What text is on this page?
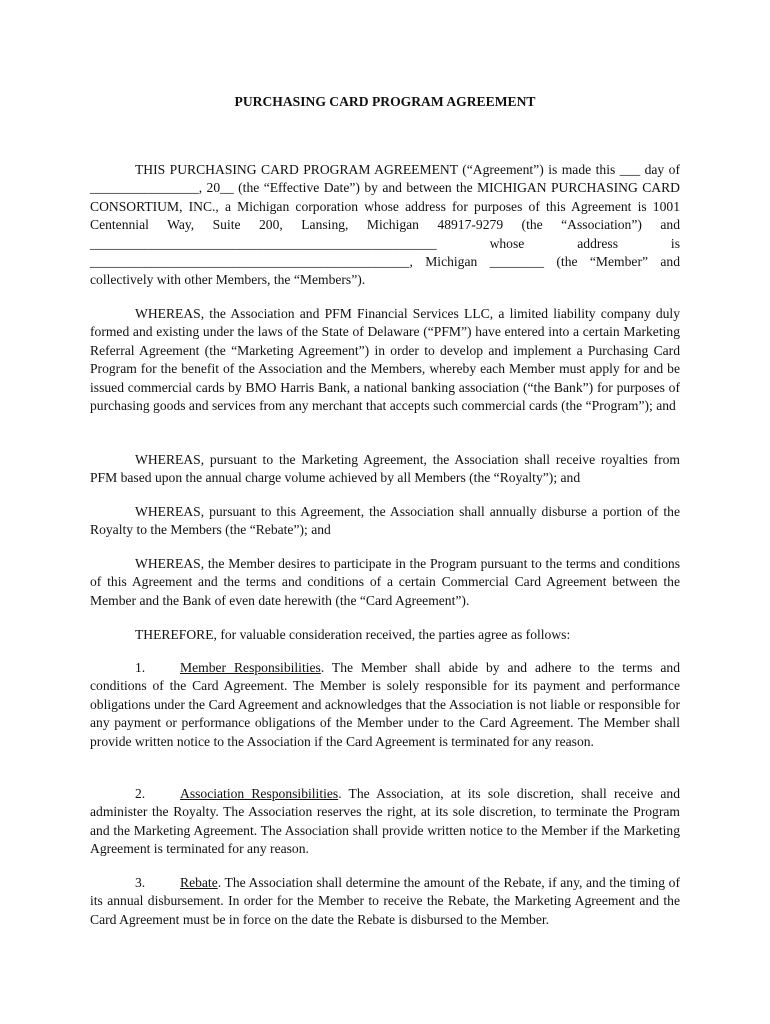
PURCHASING CARD PROGRAM AGREEMENT

THIS PURCHASING CARD PROGRAM AGREEMENT (“Agreement”) is made this ___ day of ________________, 20__ (the “Effective Date”) by and between the MICHIGAN PURCHASING CARD CONSORTIUM, INC., a Michigan corporation whose address for purposes of this Agreement is 1001 Centennial Way, Suite 200, Lansing, Michigan 48917-9279 (the “Association”) and ___________________________________________________ whose address is _______________________________________________, Michigan ________ (the “Member” and collectively with other Members, the “Members”).

WHEREAS, the Association and PFM Financial Services LLC, a limited liability company duly formed and existing under the laws of the State of Delaware (“PFM”) have entered into a certain Marketing Referral Agreement (the “Marketing Agreement”) in order to develop and implement a Purchasing Card Program for the benefit of the Association and the Members, whereby each Member must apply for and be issued commercial cards by BMO Harris Bank, a national banking association (“the Bank”) for purposes of purchasing goods and services from any merchant that accepts such commercial cards (the “Program”); and

WHEREAS, pursuant to the Marketing Agreement, the Association shall receive royalties from PFM based upon the annual charge volume achieved by all Members (the “Royalty”); and

WHEREAS, pursuant to this Agreement, the Association shall annually disburse a portion of the Royalty to the Members (the “Rebate”); and

WHEREAS, the Member desires to participate in the Program pursuant to the terms and conditions of this Agreement and the terms and conditions of a certain Commercial Card Agreement between the Member and the Bank of even date herewith (the “Card Agreement”).

THEREFORE, for valuable consideration received, the parties agree as follows:

1.	Member Responsibilities. The Member shall abide by and adhere to the terms and conditions of the Card Agreement. The Member is solely responsible for its payment and performance obligations under the Card Agreement and acknowledges that the Association is not liable or responsible for any payment or performance obligations of the Member under to the Card Agreement. The Member shall provide written notice to the Association if the Card Agreement is terminated for any reason.

2.	Association Responsibilities. The Association, at its sole discretion, shall receive and administer the Royalty. The Association reserves the right, at its sole discretion, to terminate the Program and the Marketing Agreement. The Association shall provide written notice to the Member if the Marketing Agreement is terminated for any reason.

3.	Rebate. The Association shall determine the amount of the Rebate, if any, and the timing of its annual disbursement. In order for the Member to receive the Rebate, the Marketing Agreement and the Card Agreement must be in force on the date the Rebate is disbursed to the Member.
